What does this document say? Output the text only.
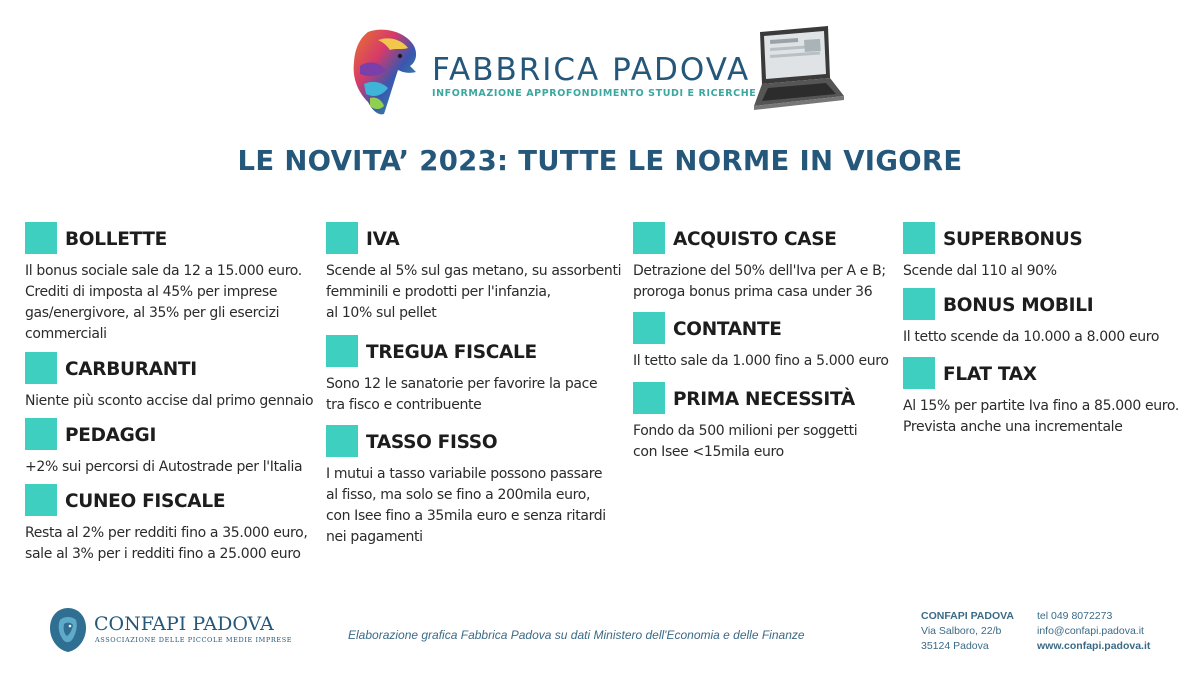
FABBRICA PADOVA
INFORMAZIONE APPROFONDIMENTO STUDI E RICERCHE
LE NOVITA’ 2023: TUTTE LE NORME IN VIGORE
BOLLETTE
Il bonus sociale sale da 12 a 15.000 euro.
Crediti di imposta al 45% per imprese
gas/energivore, al 35% per gli esercizi
commerciali
CARBURANTI
Niente più sconto accise dal primo gennaio
PEDAGGI
+2% sui percorsi di Autostrade per l'Italia
CUNEO FISCALE
Resta al 2% per redditi fino a 35.000 euro,
sale al 3% per i redditi fino a 25.000 euro
IVA
Scende al 5% sul gas metano, su assorbenti
femminili e prodotti per l'infanzia,
al 10% sul pellet
TREGUA FISCALE
Sono 12 le sanatorie per favorire la pace
tra fisco e contribuente
TASSO FISSO
I mutui a tasso variabile possono passare
al fisso, ma solo se fino a 200mila euro,
con Isee fino a 35mila euro e senza ritardi
nei pagamenti
ACQUISTO CASE
Detrazione del 50% dell'Iva per A e B;
proroga bonus prima casa under 36
CONTANTE
Il tetto sale da 1.000 fino a 5.000 euro
PRIMA NECESSITÀ
Fondo da 500 milioni per soggetti
con Isee <15mila euro
SUPERBONUS
Scende dal 110 al 90%
BONUS MOBILI
Il tetto scende da 10.000 a 8.000 euro
FLAT TAX
Al 15% per partite Iva fino a 85.000 euro.
Prevista anche una incrementale
CONFAPI PADOVA
ASSOCIAZIONE DELLE PICCOLE MEDIE IMPRESE	Elaborazione grafica Fabbrica Padova su dati Ministero dell'Economia e delle Finanze
CONFAPI PADOVA
Via Salboro, 22/b
35124 Padova
tel 049 8072273
info@confapi.padova.it
www.confapi.padova.it
